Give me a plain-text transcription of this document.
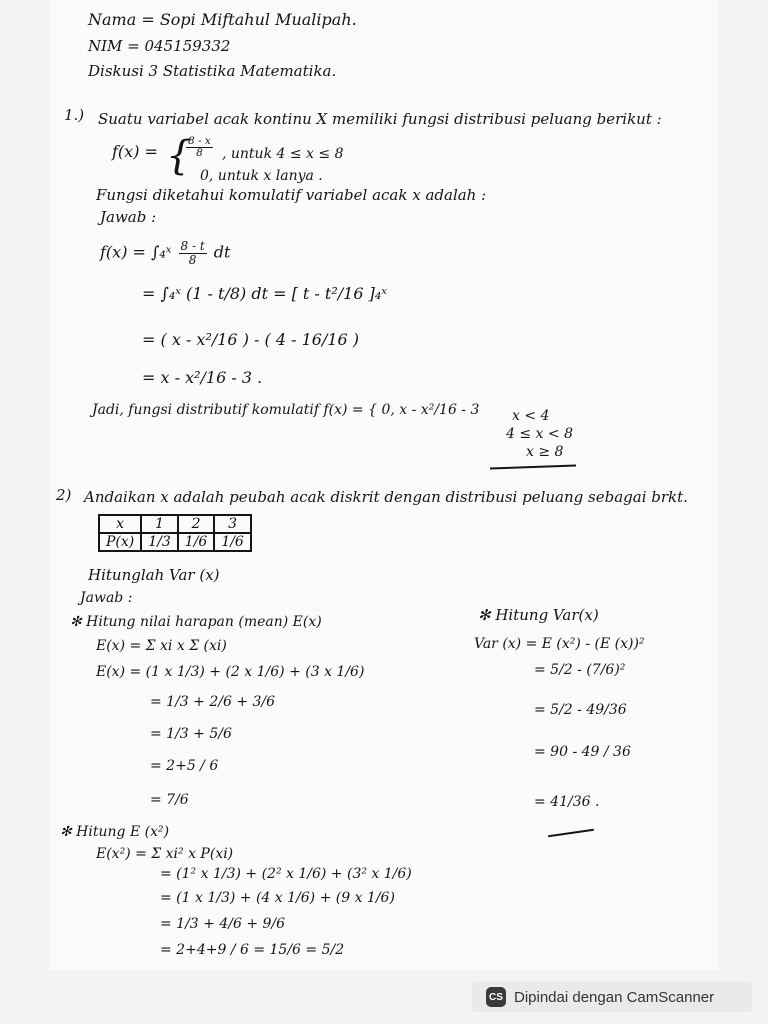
Nama = Sopi Miftahul Mualipah.
NIM = 045159332
Diskusi 3 Statistika Matematika.
1.) Suatu variabel acak kontinu X memiliki fungsi distribusi peluang berikut :
f(x) = {
$\frac{8 - x}{8}$ , untuk 4 ≤ x ≤ 8
0, untuk x lanya .
Fungsi diketahui komulatif variabel acak x adalah :
Jawab :
f(x) = ∫₄ˣ $\frac{8 - t}{8}$ dt
= ∫₄ˣ (1 - t/8) dt = [ t - t²/16 ]₄ˣ
= ( x - x²/16 ) - ( 4 - 16/16 )
= x - x²/16 - 3 .
Jadi, fungsi distributif komulatif f(x) = { 0, x - x²/16 - 3 x < 4
4 ≤ x < 8
x ≥ 8
2) Andaikan x adalah peubah acak diskrit dengan distribusi peluang sebagai brkt.
x	1	2	3
P(x)	1/3	1/6	1/6
Hitunglah Var (x)
Jawab :
✻ Hitung nilai harapan (mean) E(x)
E(x) = Σ xi x Σ (xi)
E(x) = (1 x 1/3) + (2 x 1/6) + (3 x 1/6)
= 1/3 + 2/6 + 3/6
= 1/3 + 5/6
= 2+5 / 6
= 7/6
✻ Hitung E (x²)
E(x²) = Σ xi² x P(xi)
= (1² x 1/3) + (2² x 1/6) + (3² x 1/6)
= (1 x 1/3) + (4 x 1/6) + (9 x 1/6)
= 1/3 + 4/6 + 9/6
= 2+4+9 / 6 = 15/6 = 5/2
✻ Hitung Var(x)
Var (x) = E (x²) - (E (x))²
= 5/2 - (7/6)²
= 5/2 - 49/36
= 90 - 49 / 36
= 41/36 .
CS Dipindai dengan CamScanner
